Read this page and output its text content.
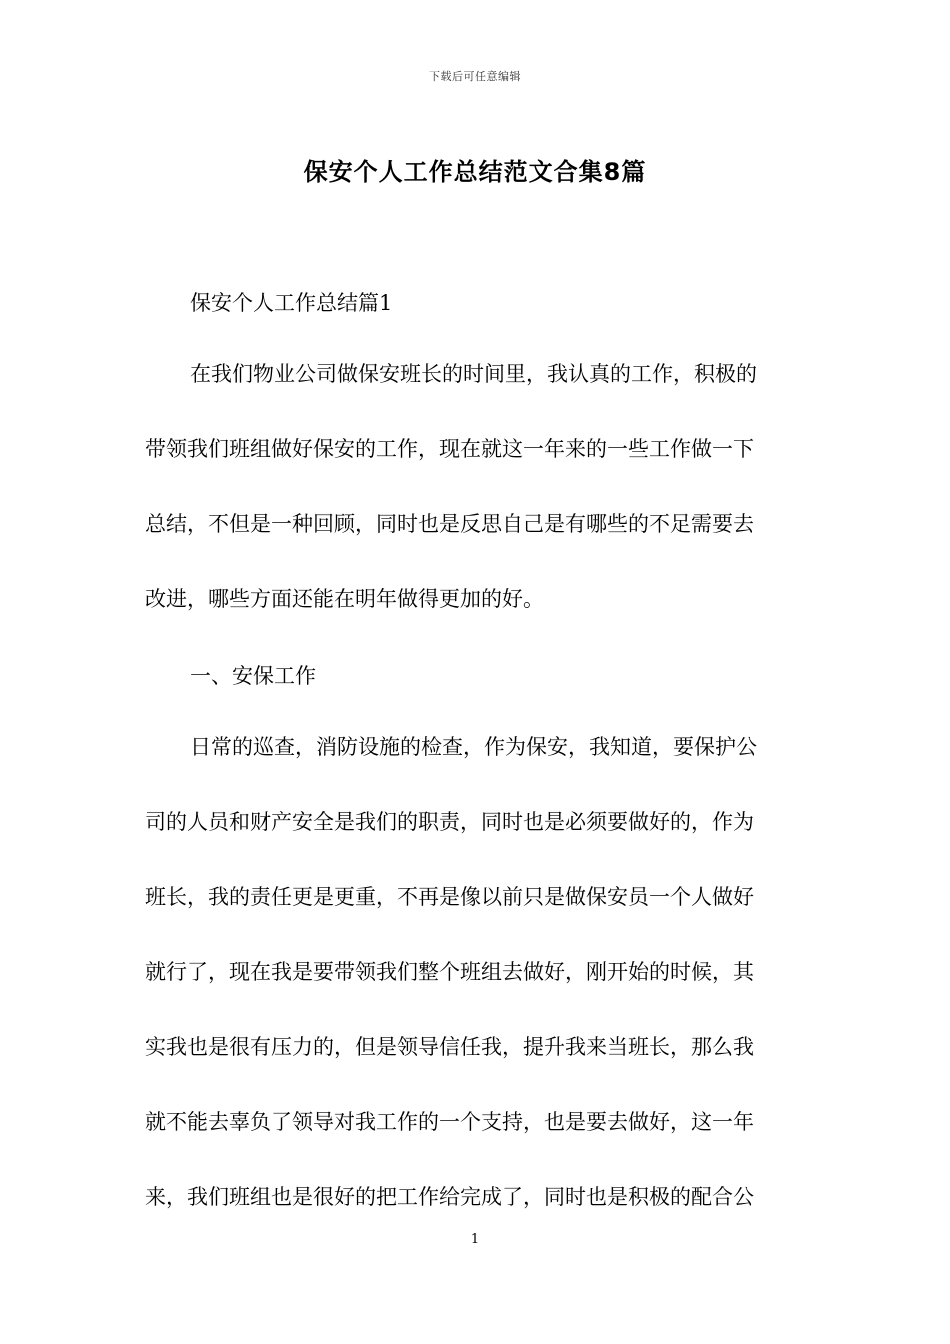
下载后可任意编辑
保安个人工作总结范文合集8篇
保安个人工作总结篇1
在我们物业公司做保安班长的时间里，我认真的工作，积极的
带领我们班组做好保安的工作，现在就这一年来的一些工作做一下
总结，不但是一种回顾，同时也是反思自己是有哪些的不足需要去
改进，哪些方面还能在明年做得更加的好。
一、安保工作
日常的巡查，消防设施的检查，作为保安，我知道，要保护公
司的人员和财产安全是我们的职责，同时也是必须要做好的，作为
班长，我的责任更是更重，不再是像以前只是做保安员一个人做好
就行了，现在我是要带领我们整个班组去做好，刚开始的时候，其
实我也是很有压力的，但是领导信任我，提升我来当班长，那么我
就不能去辜负了领导对我工作的一个支持，也是要去做好，这一年
来，我们班组也是很好的把工作给完成了，同时也是积极的配合公
1
